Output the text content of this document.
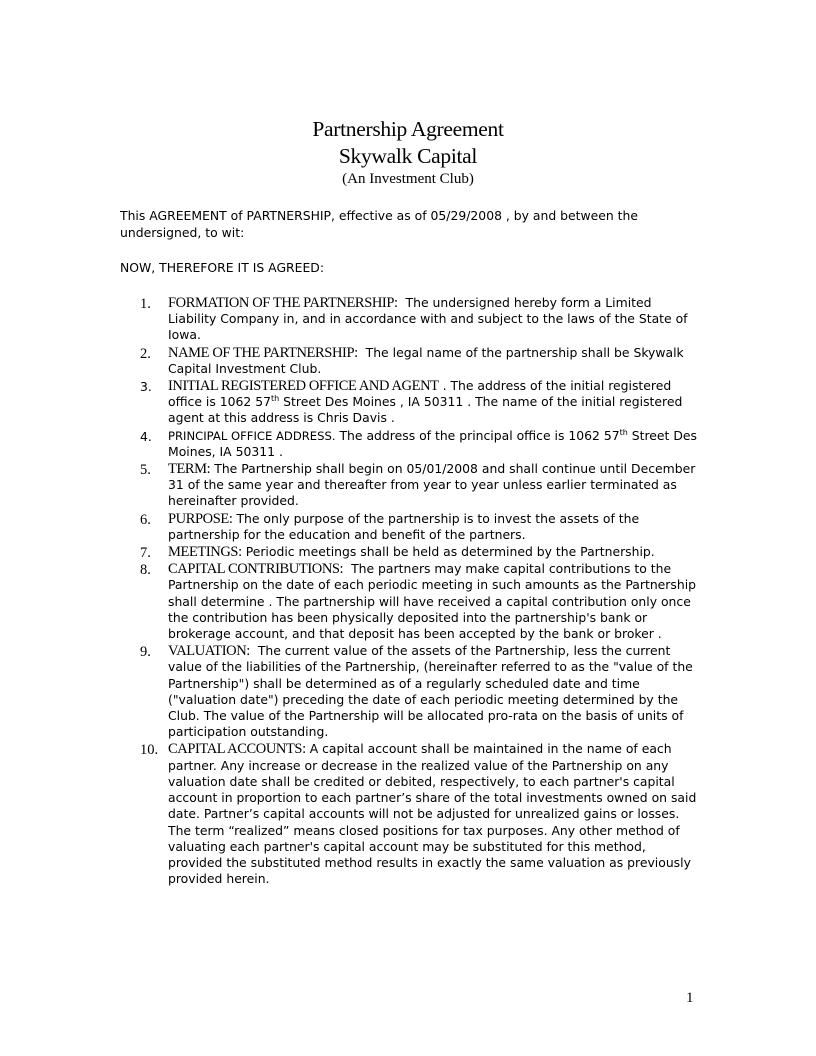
Partnership Agreement
Skywalk Capital
(An Investment Club)
This AGREEMENT of PARTNERSHIP, effective as of 05/29/2008 , by and between the undersigned, to wit:
NOW, THEREFORE IT IS AGREED:
1.	FORMATION OF THE PARTNERSHIP: The undersigned hereby form a Limited Liability Company in, and in accordance with and subject to the laws of the State of Iowa.
2.	NAME OF THE PARTNERSHIP: The legal name of the partnership shall be Skywalk Capital Investment Club.
3.	INITIAL REGISTERED OFFICE AND AGENT . The address of the initial registered office is 1062 57th Street Des Moines , IA 50311 . The name of the initial registered agent at this address is Chris Davis .
4.	PRINCIPAL OFFICE ADDRESS. The address of the principal office is 1062 57th Street Des Moines, IA 50311 .
5.	TERM: The Partnership shall begin on 05/01/2008 and shall continue until December 31 of the same year and thereafter from year to year unless earlier terminated as hereinafter provided.
6.	PURPOSE: The only purpose of the partnership is to invest the assets of the partnership for the education and benefit of the partners.
7.	MEETINGS: Periodic meetings shall be held as determined by the Partnership.
8.	CAPITAL CONTRIBUTIONS: The partners may make capital contributions to the Partnership on the date of each periodic meeting in such amounts as the Partnership shall determine . The partnership will have received a capital contribution only once the contribution has been physically deposited into the partnership's bank or brokerage account, and that deposit has been accepted by the bank or broker .
9.	VALUATION: The current value of the assets of the Partnership, less the current value of the liabilities of the Partnership, (hereinafter referred to as the "value of the Partnership") shall be determined as of a regularly scheduled date and time ("valuation date") preceding the date of each periodic meeting determined by the Club. The value of the Partnership will be allocated pro-rata on the basis of units of participation outstanding.
10. CAPITAL ACCOUNTS: A capital account shall be maintained in the name of each partner. Any increase or decrease in the realized value of the Partnership on any valuation date shall be credited or debited, respectively, to each partner's capital account in proportion to each partner’s share of the total investments owned on said date. Partner’s capital accounts will not be adjusted for unrealized gains or losses. The term “realized” means closed positions for tax purposes. Any other method of valuating each partner's capital account may be substituted for this method, provided the substituted method results in exactly the same valuation as previously provided herein.
1
